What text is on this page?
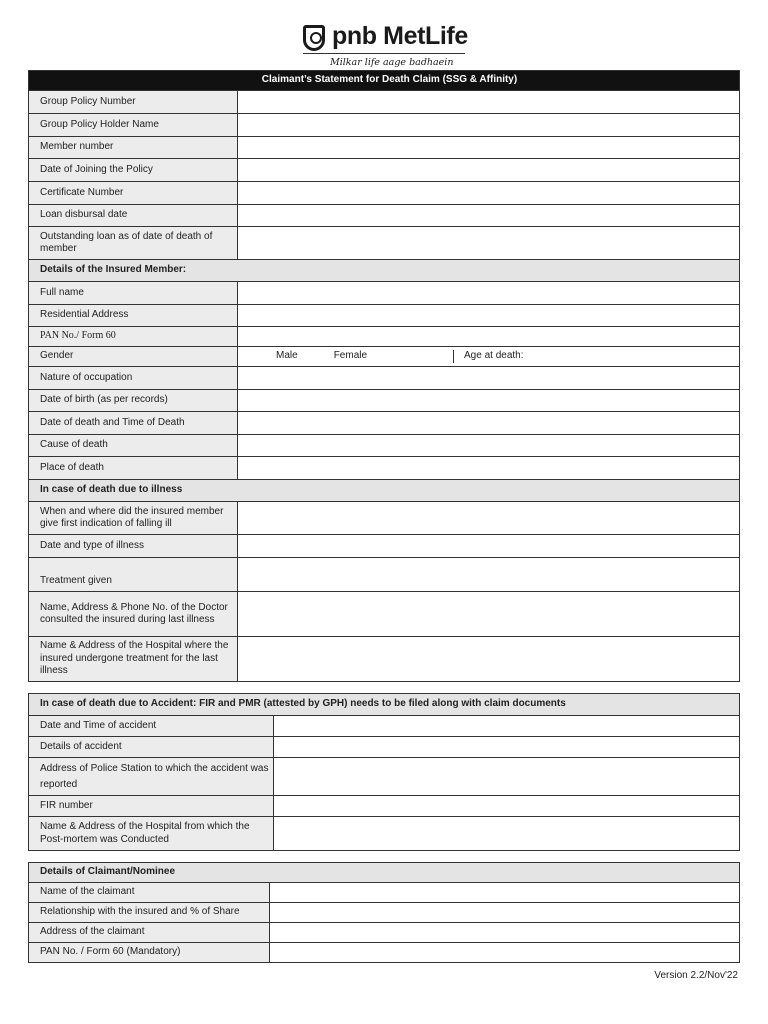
pnb MetLife
Milkar life aage badhaein
Claimant’s Statement for Death Claim (SSG & Affinity)	
Group Policy Number	
Group Policy Holder Name	
Member number	
Date of Joining the Policy	
Certificate Number	
Loan disbursal date	
Outstanding loan as of date of death of member	
Details of the Insured Member:	
Full name	
Residential Address	
PAN No./ Form 60	
Gender	Male Female Age at death:

Nature of occupation	
Date of birth (as per records)	
Date of death and Time of Death	
Cause of death	
Place of death	
In case of death due to illness	
When and where did the insured member give first indication of falling ill	
Date and type of illness	
Treatment given	
Name, Address & Phone No. of the Doctor consulted the insured during last illness	
Name & Address of the Hospital where the insured undergone treatment for the last illness	
In case of death due to Accident: FIR and PMR (attested by GPH) needs to be filed along with claim documents	
Date and Time of accident	
Details of accident	
Address of Police Station to which the accident was reported	
FIR number	
Name & Address of the Hospital from which the Post-mortem was Conducted	
Details of Claimant/Nominee	
Name of the claimant	
Relationship with the insured and % of Share	
Address of the claimant	
PAN No. / Form 60 (Mandatory)	
Version 2.2/Nov'22
